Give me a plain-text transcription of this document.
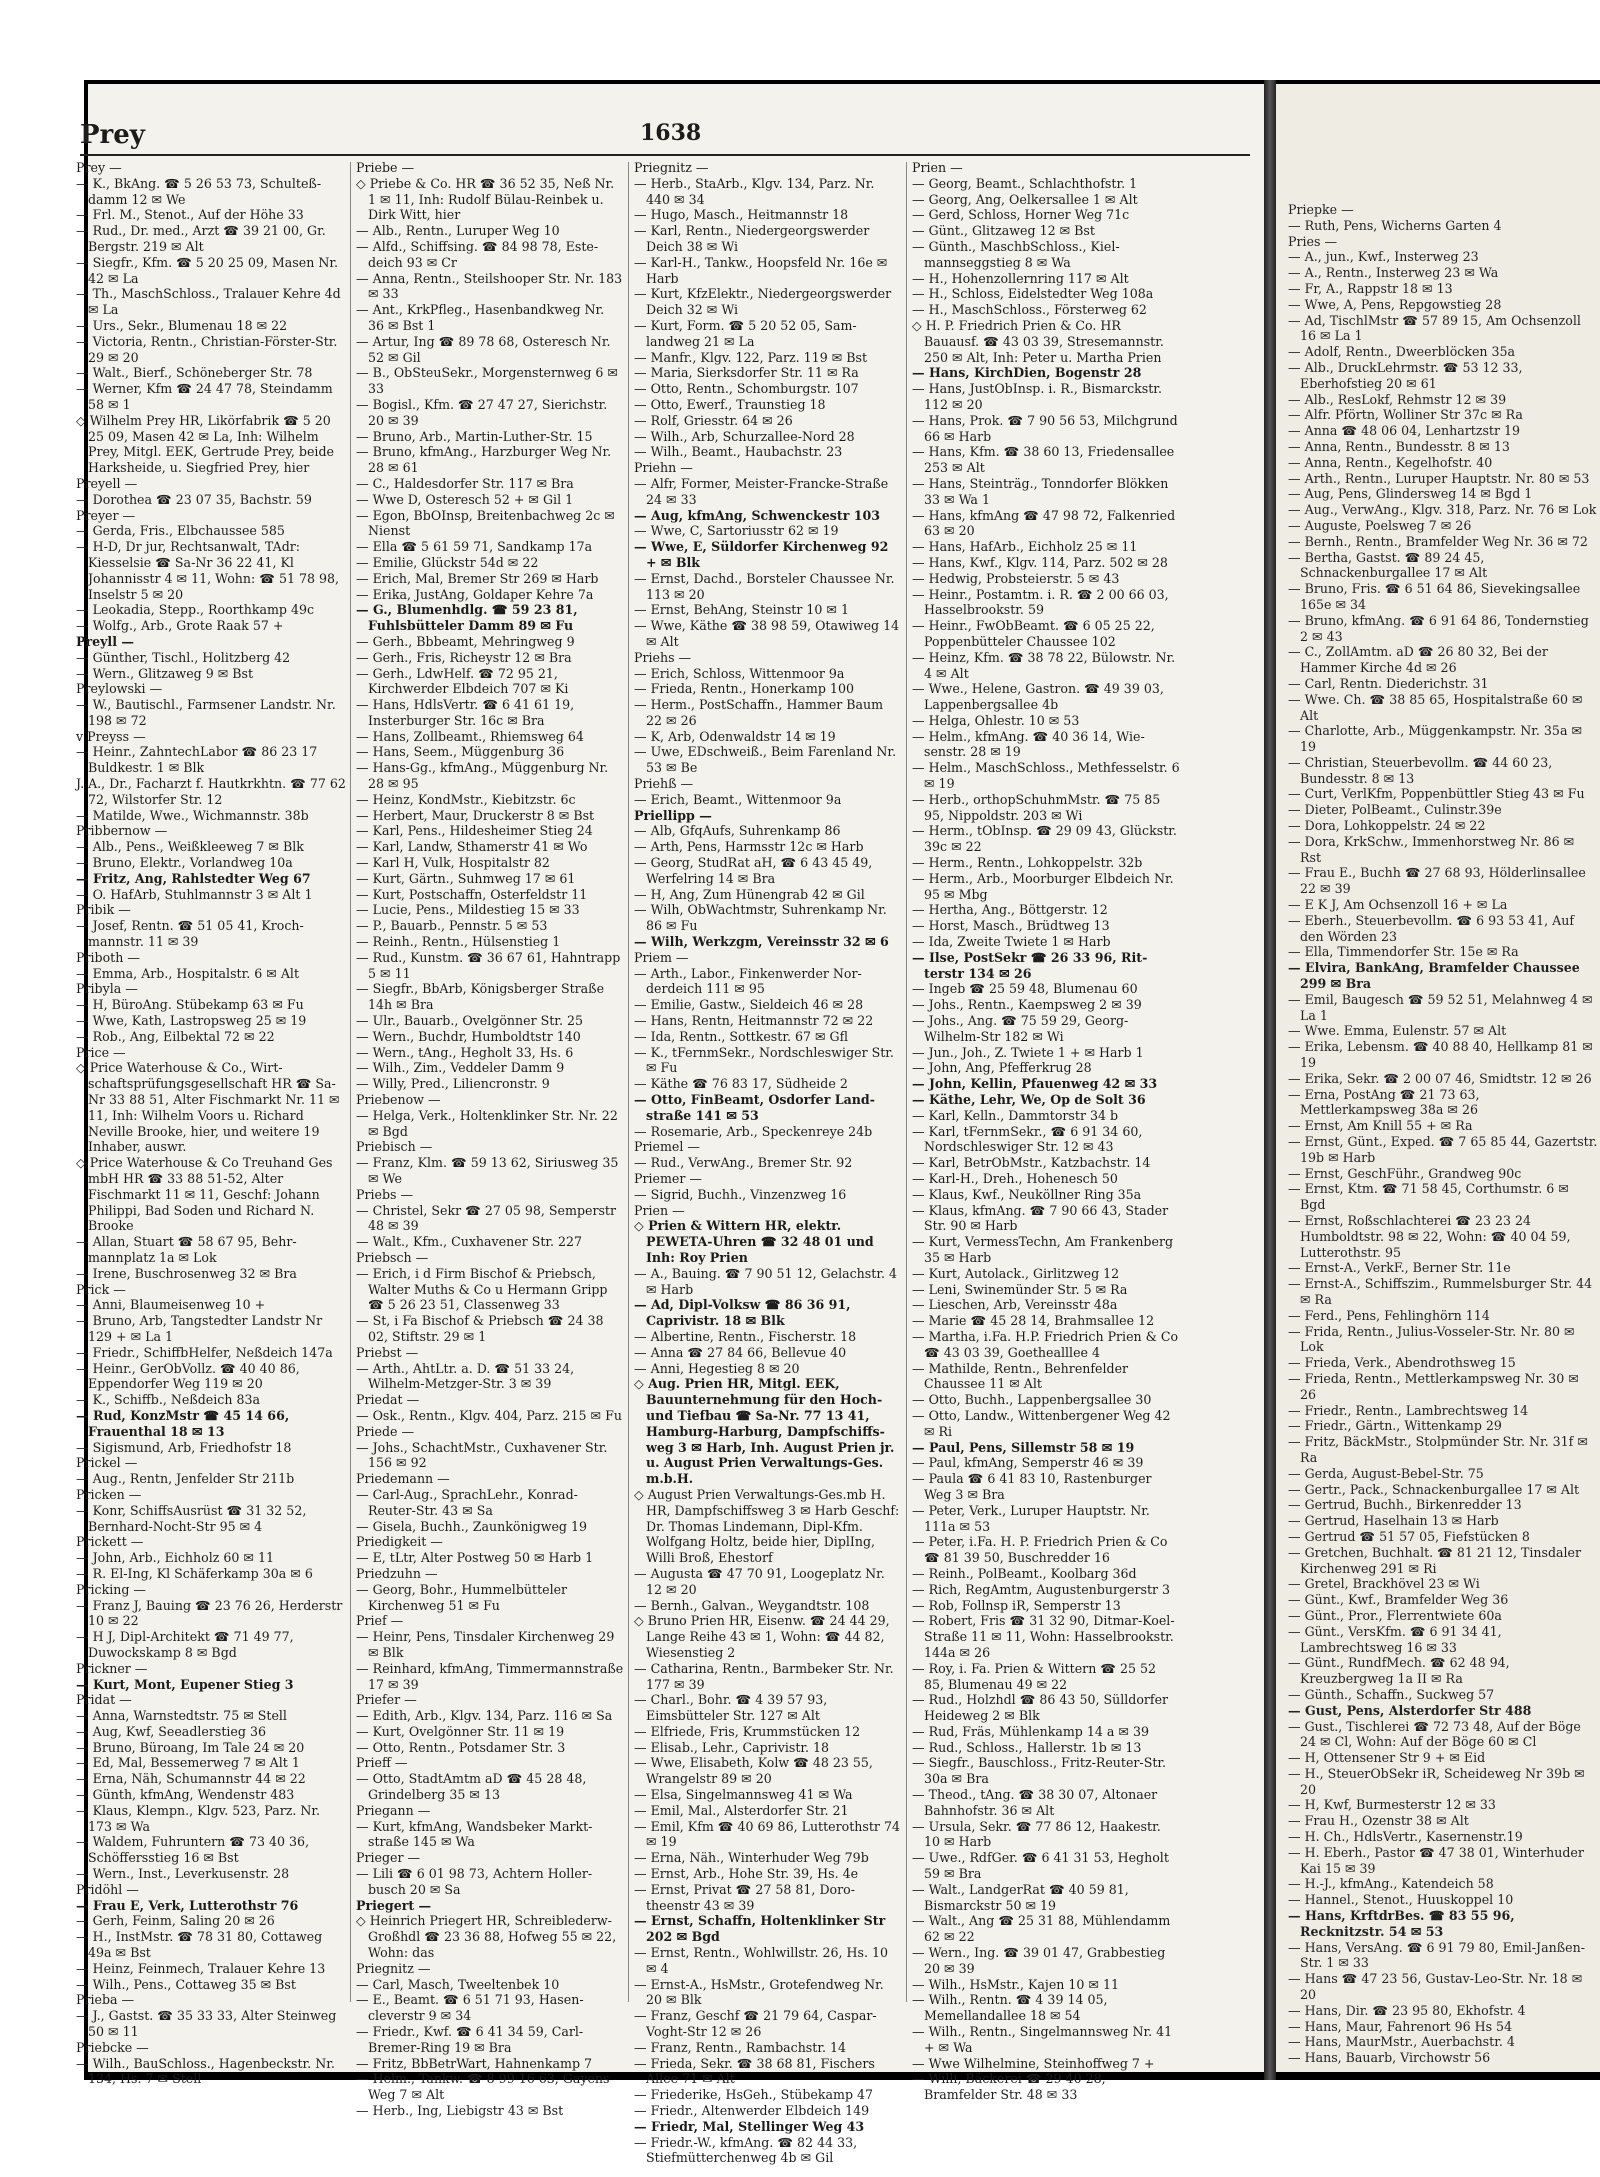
Prey	1638

Prey —

— K., BkAng. ☎ 5 26 53 73, Schulteßdamm 12 ✉ We

— Frl. M., Stenot., Auf der Höhe 33

— Rud., Dr. med., Arzt ☎ 39 21 00, Gr. Bergstr. 219 ✉ Alt

— Siegfr., Kfm. ☎ 5 20 25 09, Masen Nr. 42 ✉ La

— Th., MaschSchloss., Tralauer Kehre 4d ✉ La

— Urs., Sekr., Blumenau 18 ✉ 22

— Victoria, Rentn., Christian-Förster-Str. 29 ✉ 20

— Walt., Bierf., Schöneberger Str. 78

— Werner, Kfm ☎ 24 47 78, Steindamm 58 ✉ 1

◇ Wilhelm Prey HR, Likörfabrik ☎ 5 20 25 09, Masen 42 ✉ La, Inh: Wilhelm Prey, Mitgl. EEK, Gertrude Prey, beide Harksheide, u. Siegfried Prey, hier

Preyell —

— Dorothea ☎ 23 07 35, Bachstr. 59

Preyer —

— Gerda, Fris., Elbchaussee 585

— H-D, Dr jur, Rechtsanwalt, TAdr: Kiesselsie ☎ Sa-Nr 36 22 41, Kl Johannisstr 4 ✉ 11, Wohn: ☎ 51 78 98, Inselstr 5 ✉ 20

— Leokadia, Stepp., Roorthkamp 49c

— Wolfg., Arb., Grote Raak 57 +

Preyll —

— Günther, Tischl., Holitzberg 42

— Wern., Glitzaweg 9 ✉ Bst

Preylowski —

— W., Bautischl., Farmsener Landstr. Nr. 198 ✉ 72

v Preyss —

— Heinr., ZahntechLabor ☎ 86 23 17 Buldkestr. 1 ✉ Blk

J. A., Dr., Facharzt f. Hautkrkhtn. ☎ 77 62 72, Wilstorfer Str. 12

— Matilde, Wwe., Wichmannstr. 38b

Pribbernow —

— Alb., Pens., Weißkleeweg 7 ✉ Blk

— Bruno, Elektr., Vorlandweg 10a

— Fritz, Ang, Rahlstedter Weg 67

— O. HafArb, Stuhlmannstr 3 ✉ Alt 1

Pribik —

— Josef, Rentn. ☎ 51 05 41, Krochmannstr. 11 ✉ 39

Priboth —

— Emma, Arb., Hospitalstr. 6 ✉ Alt

Pribyla —

— H, BüroAng. Stübekamp 63 ✉ Fu

— Wwe, Kath, Lastropsweg 25 ✉ 19

— Rob., Ang, Eilbektal 72 ✉ 22

Price —

◇ Price Waterhouse & Co., Wirtschaftsprüfungsgesellschaft HR ☎ Sa-Nr 33 88 51, Alter Fischmarkt Nr. 11 ✉ 11, Inh: Wilhelm Voors u. Richard Neville Brooke, hier, und weitere 19 Inhaber, auswr.

◇ Price Waterhouse & Co Treuhand Ges mbH HR ☎ 33 88 51-52, Alter Fischmarkt 11 ✉ 11, Geschf: Johann Philippi, Bad Soden und Richard N. Brooke

— Allan, Stuart ☎ 58 67 95, Behrmannplatz 1a ✉ Lok

— Irene, Buschrosenweg 32 ✉ Bra

Prick —

— Anni, Blaumeisenweg 10 +

— Bruno, Arb, Tangstedter Landstr Nr 129 + ✉ La 1

— Friedr., SchiffbHelfer, Neßdeich 147a

— Heinr., GerObVollz. ☎ 40 40 86, Eppendorfer Weg 119 ✉ 20

— K., Schiffb., Neßdeich 83a

— Rud, KonzMstr ☎ 45 14 66, Frauenthal 18 ✉ 13

— Sigismund, Arb, Friedhofstr 18

Prickel —

— Aug., Rentn, Jenfelder Str 211b

Pricken —

— Konr, SchiffsAusrüst ☎ 31 32 52, Bernhard-Nocht-Str 95 ✉ 4

Prickett —

— John, Arb., Eichholz 60 ✉ 11

— R. El-Ing, Kl Schäferkamp 30a ✉ 6

Pricking —

— Franz J, Bauing ☎ 23 76 26, Herderstr 10 ✉ 22

— H J, Dipl-Architekt ☎ 71 49 77, Duwockskamp 8 ✉ Bgd

Prickner —

— Kurt, Mont, Eupener Stieg 3

Pridat —

— Anna, Warnstedtstr. 75 ✉ Stell

— Aug, Kwf, Seeadlerstieg 36

— Bruno, Büroang, Im Tale 24 ✉ 20

— Ed, Mal, Bessemerweg 7 ✉ Alt 1

— Erna, Näh, Schumannstr 44 ✉ 22

— Günth, kfmAng, Wendenstr 483

— Klaus, Klempn., Klgv. 523, Parz. Nr. 173 ✉ Wa

— Waldem, Fuhruntern ☎ 73 40 36, Schöffersstieg 16 ✉ Bst

— Wern., Inst., Leverkusenstr. 28

Pridöhl —

— Frau E, Verk, Lutterothstr 76

— Gerh, Feinm, Saling 20 ✉ 26

— H., InstMstr. ☎ 78 31 80, Cottaweg 49a ✉ Bst

— Heinz, Feinmech, Tralauer Kehre 13

— Wilh., Pens., Cottaweg 35 ✉ Bst

Prieba —

— J., Gastst. ☎ 35 33 33, Alter Steinweg 50 ✉ 11

Priebcke —

— Wilh., BauSchloss., Hagenbeckstr. Nr. 134, Hs. 7 ✉ Stell

Priebe —

◇ Priebe & Co. HR ☎ 36 52 35, Neß Nr. 1 ✉ 11, Inh: Rudolf Bülau-Reinbek u. Dirk Witt, hier

— Alb., Rentn., Luruper Weg 10

— Alfd., Schiffsing. ☎ 84 98 78, Estedeich 93 ✉ Cr

— Anna, Rentn., Steilshooper Str. Nr. 183 ✉ 33

— Ant., KrkPfleg., Hasenbandkweg Nr. 36 ✉ Bst 1

— Artur, Ing ☎ 89 78 68, Osteresch Nr. 52 ✉ Gil

— B., ObSteuSekr., Morgensternweg 6 ✉ 33

— Bogisl., Kfm. ☎ 27 47 27, Sierichstr. 20 ✉ 39

— Bruno, Arb., Martin-Luther-Str. 15

— Bruno, kfmAng., Harzburger Weg Nr. 28 ✉ 61

— C., Haldesdorfer Str. 117 ✉ Bra

— Wwe D, Osteresch 52 + ✉ Gil 1

— Egon, BbOInsp, Breitenbachweg 2c ✉ Nienst

— Ella ☎ 5 61 59 71, Sandkamp 17a

— Emilie, Glückstr 54d ✉ 22

— Erich, Mal, Bremer Str 269 ✉ Harb

— Erika, JustAng, Goldaper Kehre 7a

— G., Blumenhdlg. ☎ 59 23 81, Fuhlsbütteler Damm 89 ✉ Fu

— Gerh., Bbbeamt, Mehringweg 9

— Gerh., Fris, Richeystr 12 ✉ Bra

— Gerh., LdwHelf. ☎ 72 95 21, Kirchwerder Elbdeich 707 ✉ Ki

— Hans, HdlsVertr. ☎ 6 41 61 19, Insterburger Str. 16c ✉ Bra

— Hans, Zollbeamt., Rhiemsweg 64

— Hans, Seem., Müggenburg 36

— Hans-Gg., kfmAng., Müggenburg Nr. 28 ✉ 95

— Heinz, KondMstr., Kiebitzstr. 6c

— Herbert, Maur, Druckerstr 8 ✉ Bst

— Karl, Pens., Hildesheimer Stieg 24

— Karl, Landw, Sthamerstr 41 ✉ Wo

— Karl H, Vulk, Hospitalstr 82

— Kurt, Gärtn., Suhmweg 17 ✉ 61

— Kurt, Postschaffn, Osterfeldstr 11

— Lucie, Pens., Mildestieg 15 ✉ 33

— P., Bauarb., Pennstr. 5 ✉ 53

— Reinh., Rentn., Hülsenstieg 1

— Rud., Kunstm. ☎ 36 67 61, Hahntrapp 5 ✉ 11

— Siegfr., BbArb, Königsberger Straße 14h ✉ Bra

— Ulr., Bauarb., Ovelgönner Str. 25

— Wern., Buchdr, Humboldtstr 140

— Wern., tAng., Hegholt 33, Hs. 6

— Wilh., Zim., Veddeler Damm 9

— Willy, Pred., Liliencronstr. 9

Priebenow —

— Helga, Verk., Holtenklinker Str. Nr. 22 ✉ Bgd

Priebisch —

— Franz, Klm. ☎ 59 13 62, Siriusweg 35 ✉ We

Priebs —

— Christel, Sekr ☎ 27 05 98, Semperstr 48 ✉ 39

— Walt., Kfm., Cuxhavener Str. 227

Priebsch —

— Erich, i d Firm Bischof & Priebsch, Walter Muths & Co u Hermann Gripp ☎ 5 26 23 51, Classenweg 33

— St, i Fa Bischof & Priebsch ☎ 24 38 02, Stiftstr. 29 ✉ 1

Priebst —

— Arth., AhtLtr. a. D. ☎ 51 33 24, Wilhelm-Metzger-Str. 3 ✉ 39

Priedat —

— Osk., Rentn., Klgv. 404, Parz. 215 ✉ Fu

Priede —

— Johs., SchachtMstr., Cuxhavener Str. 156 ✉ 92

Priedemann —

— Carl-Aug., SprachLehr., Konrad-Reuter-Str. 43 ✉ Sa

— Gisela, Buchh., Zaunkönigweg 19

Priedigkeit —

— E, tLtr, Alter Postweg 50 ✉ Harb 1

Priedzuhn —

— Georg, Bohr., Hummelbütteler Kirchenweg 51 ✉ Fu

Prief —

— Heinr, Pens, Tinsdaler Kirchenweg 29 ✉ Blk

— Reinhard, kfmAng, Timmermannstraße 17 ✉ 39

Priefer —

— Edith, Arb., Klgv. 134, Parz. 116 ✉ Sa

— Kurt, Ovelgönner Str. 11 ✉ 19

— Otto, Rentn., Potsdamer Str. 3

Prieff —

— Otto, StadtAmtm aD ☎ 45 28 48, Grindelberg 35 ✉ 13

Priegann —

— Kurt, kfmAng, Wandsbeker Marktstraße 145 ✉ Wa

Prieger —

— Lili ☎ 6 01 98 73, Achtern Hollerbusch 20 ✉ Sa

Priegert —

◇ Heinrich Priegert HR, Schreiblederw-Großhdl ☎ 23 36 88, Hofweg 55 ✉ 22, Wohn: das

Priegnitz —

— Carl, Masch, Tweeltenbek 10

— E., Beamt. ☎ 6 51 71 93, Hasencleverstr 9 ✉ 34

— Friedr., Kwf. ☎ 6 41 34 59, Carl-Bremer-Ring 19 ✉ Bra

— Fritz, BbBetrWart, Hahnenkamp 7

— Helm., Tankw. ☎ 8 99 16 63, Gayens Weg 7 ✉ Alt

— Herb., Ing, Liebigstr 43 ✉ Bst

Priegnitz —

— Herb., StaArb., Klgv. 134, Parz. Nr. 440 ✉ 34

— Hugo, Masch., Heitmannstr 18

— Karl, Rentn., Niedergeorgswerder Deich 38 ✉ Wi

— Karl-H., Tankw., Hoopsfeld Nr. 16e ✉ Harb

— Kurt, KfzElektr., Niedergeorgswerder Deich 32 ✉ Wi

— Kurt, Form. ☎ 5 20 52 05, Samlandweg 21 ✉ La

— Manfr., Klgv. 122, Parz. 119 ✉ Bst

— Maria, Sierksdorfer Str. 11 ✉ Ra

— Otto, Rentn., Schomburgstr. 107

— Otto, Ewerf., Traunstieg 18

— Rolf, Griesstr. 64 ✉ 26

— Wilh., Arb, Schurzallee-Nord 28

— Wilh., Beamt., Haubachstr. 23

Priehn —

— Alfr, Former, Meister-Francke-Straße 24 ✉ 33

— Aug, kfmAng, Schwenckestr 103

— Wwe, C, Sartoriusstr 62 ✉ 19

— Wwe, E, Süldorfer Kirchenweg 92 + ✉ Blk

— Ernst, Dachd., Borsteler Chaussee Nr. 113 ✉ 20

— Ernst, BehAng, Steinstr 10 ✉ 1

— Wwe, Käthe ☎ 38 98 59, Otawiweg 14 ✉ Alt

Priehs —

— Erich, Schloss, Wittenmoor 9a

— Frieda, Rentn., Honerkamp 100

— Herm., PostSchaffn., Hammer Baum 22 ✉ 26

— K, Arb, Odenwaldstr 14 ✉ 19

— Uwe, EDschweiß., Beim Farenland Nr. 53 ✉ Be

Priehß —

— Erich, Beamt., Wittenmoor 9a

Priellipp —

— Alb, GfqAufs, Suhrenkamp 86

— Arth, Pens, Harmsstr 12c ✉ Harb

— Georg, StudRat aH, ☎ 6 43 45 49, Werfelring 14 ✉ Bra

— H, Ang, Zum Hünengrab 42 ✉ Gil

— Wilh, ObWachtmstr, Suhrenkamp Nr. 86 ✉ Fu

— Wilh, Werkzgm, Vereinsstr 32 ✉ 6

Priem —

— Arth., Labor., Finkenwerder Norderdeich 111 ✉ 95

— Emilie, Gastw., Sieldeich 46 ✉ 28

— Hans, Rentn, Heitmannstr 72 ✉ 22

— Ida, Rentn., Sottkestr. 67 ✉ Gfl

— K., tFernmSekr., Nordschleswiger Str. ✉ Fu

— Käthe ☎ 76 83 17, Südheide 2

— Otto, FinBeamt, Osdorfer Landstraße 141 ✉ 53

— Rosemarie, Arb., Speckenreye 24b

Priemel —

— Rud., VerwAng., Bremer Str. 92

Priemer —

— Sigrid, Buchh., Vinzenzweg 16

Prien —

◇ Prien & Wittern HR, elektr. PEWETA-Uhren ☎ 32 48 01 und Inh: Roy Prien

— A., Bauing. ☎ 7 90 51 12, Gelachstr. 4 ✉ Harb

— Ad, Dipl-Volksw ☎ 86 36 91, Caprivistr. 18 ✉ Blk

— Albertine, Rentn., Fischerstr. 18

— Anna ☎ 27 84 66, Bellevue 40

— Anni, Hegestieg 8 ✉ 20

◇ Aug. Prien HR, Mitgl. EEK, Bauunternehmung für den Hoch- und Tiefbau ☎ Sa-Nr. 77 13 41, Hamburg-Harburg, Dampfschiffsweg 3 ✉ Harb, Inh. August Prien jr. u. August Prien Verwaltungs-Ges. m.b.H.

◇ August Prien Verwaltungs-Ges.mb H. HR, Dampfschiffsweg 3 ✉ Harb Geschf: Dr. Thomas Lindemann, Dipl-Kfm. Wolfgang Holtz, beide hier, DiplIng, Willi Broß, Ehestorf

— Augusta ☎ 47 70 91, Loogeplatz Nr. 12 ✉ 20

— Bernh., Galvan., Weygandtstr. 108

◇ Bruno Prien HR, Eisenw. ☎ 24 44 29, Lange Reihe 43 ✉ 1, Wohn: ☎ 44 82, Wiesenstieg 2

— Catharina, Rentn., Barmbeker Str. Nr. 177 ✉ 39

— Charl., Bohr. ☎ 4 39 57 93, Eimsbütteler Str. 127 ✉ Alt

— Elfriede, Fris, Krummstücken 12

— Elisab., Lehr., Caprivistr. 18

— Wwe, Elisabeth, Kolw ☎ 48 23 55, Wrangelstr 89 ✉ 20

— Elsa, Singelmannsweg 41 ✉ Wa

— Emil, Mal., Alsterdorfer Str. 21

— Emil, Kfm ☎ 40 69 86, Lutterothstr 74 ✉ 19

— Erna, Näh., Winterhuder Weg 79b

— Ernst, Arb., Hohe Str. 39, Hs. 4e

— Ernst, Privat ☎ 27 58 81, Dorotheenstr 43 ✉ 39

— Ernst, Schaffn, Holtenklinker Str 202 ✉ Bgd

— Ernst, Rentn., Wohlwillstr. 26, Hs. 10 ✉ 4

— Ernst-A., HsMstr., Grotefendweg Nr. 20 ✉ Blk

— Franz, Geschf ☎ 21 79 64, Caspar-Voght-Str 12 ✉ 26

— Franz, Rentn., Rambachstr. 14

— Frieda, Sekr. ☎ 38 68 81, Fischers Allee 71 ✉ Alt

— Friederike, HsGeh., Stübekamp 47

— Friedr., Altenwerder Elbdeich 149

— Friedr, Mal, Stellinger Weg 43

— Friedr.-W., kfmAng. ☎ 82 44 33, Stiefmütterchenweg 4b ✉ Gil

Prien —

— Georg, Beamt., Schlachthofstr. 1

— Georg, Ang, Oelkersallee 1 ✉ Alt

— Gerd, Schloss, Horner Weg 71c

— Günt., Glitzaweg 12 ✉ Bst

— Günth., MaschbSchloss., Kielmannseggstieg 8 ✉ Wa

— H., Hohenzollernring 117 ✉ Alt

— H., Schloss, Eidelstedter Weg 108a

— H., MaschSchloss., Försterweg 62

◇ H. P. Friedrich Prien & Co. HR Bauausf. ☎ 43 03 39, Stresemannstr. 250 ✉ Alt, Inh: Peter u. Martha Prien

— Hans, KirchDien, Bogenstr 28

— Hans, JustObInsp. i. R., Bismarckstr. 112 ✉ 20

— Hans, Prok. ☎ 7 90 56 53, Milchgrund 66 ✉ Harb

— Hans, Kfm. ☎ 38 60 13, Friedensallee 253 ✉ Alt

— Hans, Steinträg., Tonndorfer Blökken 33 ✉ Wa 1

— Hans, kfmAng ☎ 47 98 72, Falkenried 63 ✉ 20

— Hans, HafArb., Eichholz 25 ✉ 11

— Hans, Kwf., Klgv. 114, Parz. 502 ✉ 28

— Hedwig, Probsteierstr. 5 ✉ 43

— Heinr., Postamtm. i. R. ☎ 2 00 66 03, Hasselbrookstr. 59

— Heinr., FwObBeamt. ☎ 6 05 25 22, Poppenbütteler Chaussee 102

— Heinz, Kfm. ☎ 38 78 22, Bülowstr. Nr. 4 ✉ Alt

— Wwe., Helene, Gastron. ☎ 49 39 03, Lappenbergsallee 4b

— Helga, Ohlestr. 10 ✉ 53

— Helm., kfmAng. ☎ 40 36 14, Wiesenstr. 28 ✉ 19

— Helm., MaschSchloss., Methfesselstr. 6 ✉ 19

— Herb., orthopSchuhmMstr. ☎ 75 85 95, Nippoldstr. 203 ✉ Wi

— Herm., tObInsp. ☎ 29 09 43, Glückstr. 39c ✉ 22

— Herm., Rentn., Lohkoppelstr. 32b

— Herm., Arb., Moorburger Elbdeich Nr. 95 ✉ Mbg

— Hertha, Ang., Böttgerstr. 12

— Horst, Masch., Brüdtweg 13

— Ida, Zweite Twiete 1 ✉ Harb

— Ilse, PostSekr ☎ 26 33 96, Ritterstr 134 ✉ 26

— Ingeb ☎ 25 59 48, Blumenau 60

— Johs., Rentn., Kaempsweg 2 ✉ 39

— Johs., Ang. ☎ 75 59 29, Georg-Wilhelm-Str 182 ✉ Wi

— Jun., Joh., Z. Twiete 1 + ✉ Harb 1

— John, Ang, Pfefferkrug 28

— John, Kellin, Pfauenweg 42 ✉ 33

— Käthe, Lehr, We, Op de Solt 36

— Karl, Kelln., Dammtorstr 34 b

— Karl, tFernmSekr., ☎ 6 91 34 60, Nordschleswiger Str. 12 ✉ 43

— Karl, BetrObMstr., Katzbachstr. 14

— Karl-H., Dreh., Hohenesch 50

— Klaus, Kwf., Neuköllner Ring 35a

— Klaus, kfmAng. ☎ 7 90 66 43, Stader Str. 90 ✉ Harb

— Kurt, VermessTechn, Am Frankenberg 35 ✉ Harb

— Kurt, Autolack., Girlitzweg 12

— Leni, Swinemünder Str. 5 ✉ Ra

— Lieschen, Arb, Vereinsstr 48a

— Marie ☎ 45 28 14, Brahmsallee 12

— Martha, i.Fa. H.P. Friedrich Prien & Co ☎ 43 03 39, Goethealllee 4

— Mathilde, Rentn., Behrenfelder Chaussee 11 ✉ Alt

— Otto, Buchh., Lappenbergsallee 30

— Otto, Landw., Wittenbergener Weg 42 ✉ Ri

— Paul, Pens, Sillemstr 58 ✉ 19

— Paul, kfmAng, Semperstr 46 ✉ 39

— Paula ☎ 6 41 83 10, Rastenburger Weg 3 ✉ Bra

— Peter, Verk., Luruper Hauptstr. Nr. 111a ✉ 53

— Peter, i.Fa. H. P. Friedrich Prien & Co ☎ 81 39 50, Buschredder 16

— Reinh., PolBeamt., Koolbarg 36d

— Rich, RegAmtm, Augustenburgerstr 3

— Rob, Follnsp iR, Semperstr 13

— Robert, Fris ☎ 31 32 90, Ditmar-Koel-Straße 11 ✉ 11, Wohn: Hasselbrookstr. 144a ✉ 26

— Roy, i. Fa. Prien & Wittern ☎ 25 52 85, Blumenau 49 ✉ 22

— Rud., Holzhdl ☎ 86 43 50, Sülldorfer Heideweg 2 ✉ Blk

— Rud, Fräs, Mühlenkamp 14 a ✉ 39

— Rud., Schloss., Hallerstr. 1b ✉ 13

— Siegfr., Bauschloss., Fritz-Reuter-Str. 30a ✉ Bra

— Theod., tAng. ☎ 38 30 07, Altonaer Bahnhofstr. 36 ✉ Alt

— Ursula, Sekr. ☎ 77 86 12, Haakestr. 10 ✉ Harb

— Uwe., RdfGer. ☎ 6 41 31 53, Hegholt 59 ✉ Bra

— Walt., LandgerRat ☎ 40 59 81, Bismarckstr 50 ✉ 19

— Walt., Ang ☎ 25 31 88, Mühlendamm 62 ✉ 22

— Wern., Ing. ☎ 39 01 47, Grabbestieg 20 ✉ 39

— Wilh., HsMstr., Kajen 10 ✉ 11

— Wilh., Rentn. ☎ 4 39 14 05, Memellandallee 18 ✉ 54

— Wilh., Rentn., Singelmannsweg Nr. 41 + ✉ Wa

— Wwe Wilhelmine, Steinhoffweg 7 +

— Willi, Bäckerei ☎ 29 40 28, Bramfelder Str. 48 ✉ 33

Priepke —

— Ruth, Pens, Wicherns Garten 4

Pries —

— A., jun., Kwf., Insterweg 23

— A., Rentn., Insterweg 23 ✉ Wa

— Fr, A., Rappstr 18 ✉ 13

— Wwe, A, Pens, Repgowstieg 28

— Ad, TischlMstr ☎ 57 89 15, Am Ochsenzoll 16 ✉ La 1

— Adolf, Rentn., Dweerblöcken 35a

— Alb., DruckLehrmstr. ☎ 53 12 33, Eberhofstieg 20 ✉ 61

— Alb., ResLokf, Rehmstr 12 ✉ 39

— Alfr. Pförtn, Wolliner Str 37c ✉ Ra

— Anna ☎ 48 06 04, Lenhartzstr 19

— Anna, Rentn., Bundesstr. 8 ✉ 13

— Anna, Rentn., Kegelhofstr. 40

— Arth., Rentn., Luruper Hauptstr. Nr. 80 ✉ 53

— Aug, Pens, Glindersweg 14 ✉ Bgd 1

— Aug., VerwAng., Klgv. 318, Parz. Nr. 76 ✉ Lok

— Auguste, Poelsweg 7 ✉ 26

— Bernh., Rentn., Bramfelder Weg Nr. 36 ✉ 72

— Bertha, Gastst. ☎ 89 24 45, Schnackenburgallee 17 ✉ Alt

— Bruno, Fris. ☎ 6 51 64 86, Sievekingsallee 165e ✉ 34

— Bruno, kfmAng. ☎ 6 91 64 86, Tondernstieg 2 ✉ 43

— C., ZollAmtm. aD ☎ 26 80 32, Bei der Hammer Kirche 4d ✉ 26

— Carl, Rentn. Diederichstr. 31

— Wwe. Ch. ☎ 38 85 65, Hospitalstraße 60 ✉ Alt

— Charlotte, Arb., Müggenkampstr. Nr. 35a ✉ 19

— Christian, Steuerbevollm. ☎ 44 60 23, Bundesstr. 8 ✉ 13

— Curt, VerlKfm, Poppenbüttler Stieg 43 ✉ Fu

— Dieter, PolBeamt., Culinstr.39e

— Dora, Lohkoppelstr. 24 ✉ 22

— Dora, KrkSchw., Immenhorstweg Nr. 86 ✉ Rst

— Frau E., Buchh ☎ 27 68 93, Hölderlinsallee 22 ✉ 39

— E K J, Am Ochsenzoll 16 + ✉ La

— Eberh., Steuerbevollm. ☎ 6 93 53 41, Auf den Wörden 23

— Ella, Timmendorfer Str. 15e ✉ Ra

— Elvira, BankAng, Bramfelder Chaussee 299 ✉ Bra

— Emil, Baugesch ☎ 59 52 51, Melahnweg 4 ✉ La 1

— Wwe. Emma, Eulenstr. 57 ✉ Alt

— Erika, Lebensm. ☎ 40 88 40, Hellkamp 81 ✉ 19

— Erika, Sekr. ☎ 2 00 07 46, Smidtstr. 12 ✉ 26

— Erna, PostAng ☎ 21 73 63, Mettlerkampsweg 38a ✉ 26

— Ernst, Am Knill 55 + ✉ Ra

— Ernst, Günt., Exped. ☎ 7 65 85 44, Gazertstr. 19b ✉ Harb

— Ernst, GeschFühr., Grandweg 90c

— Ernst, Ktm. ☎ 71 58 45, Corthumstr. 6 ✉ Bgd

— Ernst, Roßschlachterei ☎ 23 23 24 Humboldtstr. 98 ✉ 22, Wohn: ☎ 40 04 59, Lutterothstr. 95

— Ernst-A., VerkF., Berner Str. 11e

— Ernst-A., Schiffszim., Rummelsburger Str. 44 ✉ Ra

— Ferd., Pens, Fehlinghörn 114

— Frida, Rentn., Julius-Vosseler-Str. Nr. 80 ✉ Lok

— Frieda, Verk., Abendrothsweg 15

— Frieda, Rentn., Mettlerkampsweg Nr. 30 ✉ 26

— Friedr., Rentn., Lambrechtsweg 14

— Friedr., Gärtn., Wittenkamp 29

— Fritz, BäckMstr., Stolpmünder Str. Nr. 31f ✉ Ra

— Gerda, August-Bebel-Str. 75

— Gertr., Pack., Schnackenburgallee 17 ✉ Alt

— Gertrud, Buchh., Birkenredder 13

— Gertrud, Haselhain 13 ✉ Harb

— Gertrud ☎ 51 57 05, Fiefstücken 8

— Gretchen, Buchhalt. ☎ 81 21 12, Tinsdaler Kirchenweg 291 ✉ Ri

— Gretel, Brackhövel 23 ✉ Wi

— Günt., Kwf., Bramfelder Weg 36

— Günt., Pror., Flerrentwiete 60a

— Günt., VersKfm. ☎ 6 91 34 41, Lambrechtsweg 16 ✉ 33

— Günt., RundfMech. ☎ 62 48 94, Kreuzbergweg 1a II ✉ Ra

— Günth., Schaffn., Suckweg 57

— Gust, Pens, Alsterdorfer Str 488

— Gust., Tischlerei ☎ 72 73 48, Auf der Böge 24 ✉ Cl, Wohn: Auf der Böge 60 ✉ Cl

— H, Ottensener Str 9 + ✉ Eid

— H., SteuerObSekr iR, Scheideweg Nr 39b ✉ 20

— H, Kwf, Burmesterstr 12 ✉ 33

— Frau H., Ozenstr 38 ✉ Alt

— H. Ch., HdlsVertr., Kasernenstr.19

— H. Eberh., Pastor ☎ 47 38 01, Winterhuder Kai 15 ✉ 39

— H.-J., kfmAng., Katendeich 58

— Hannel., Stenot., Huuskoppel 10

— Hans, KrftdrBes. ☎ 83 55 96, Recknitzstr. 54 ✉ 53

— Hans, VersAng. ☎ 6 91 79 80, Emil-Janßen-Str. 1 ✉ 33

— Hans ☎ 47 23 56, Gustav-Leo-Str. Nr. 18 ✉ 20

— Hans, Dir. ☎ 23 95 80, Ekhofstr. 4

— Hans, Maur, Fahrenort 96 Hs 54

— Hans, MaurMstr., Auerbachstr. 4

— Hans, Bauarb, Virchowstr 56
